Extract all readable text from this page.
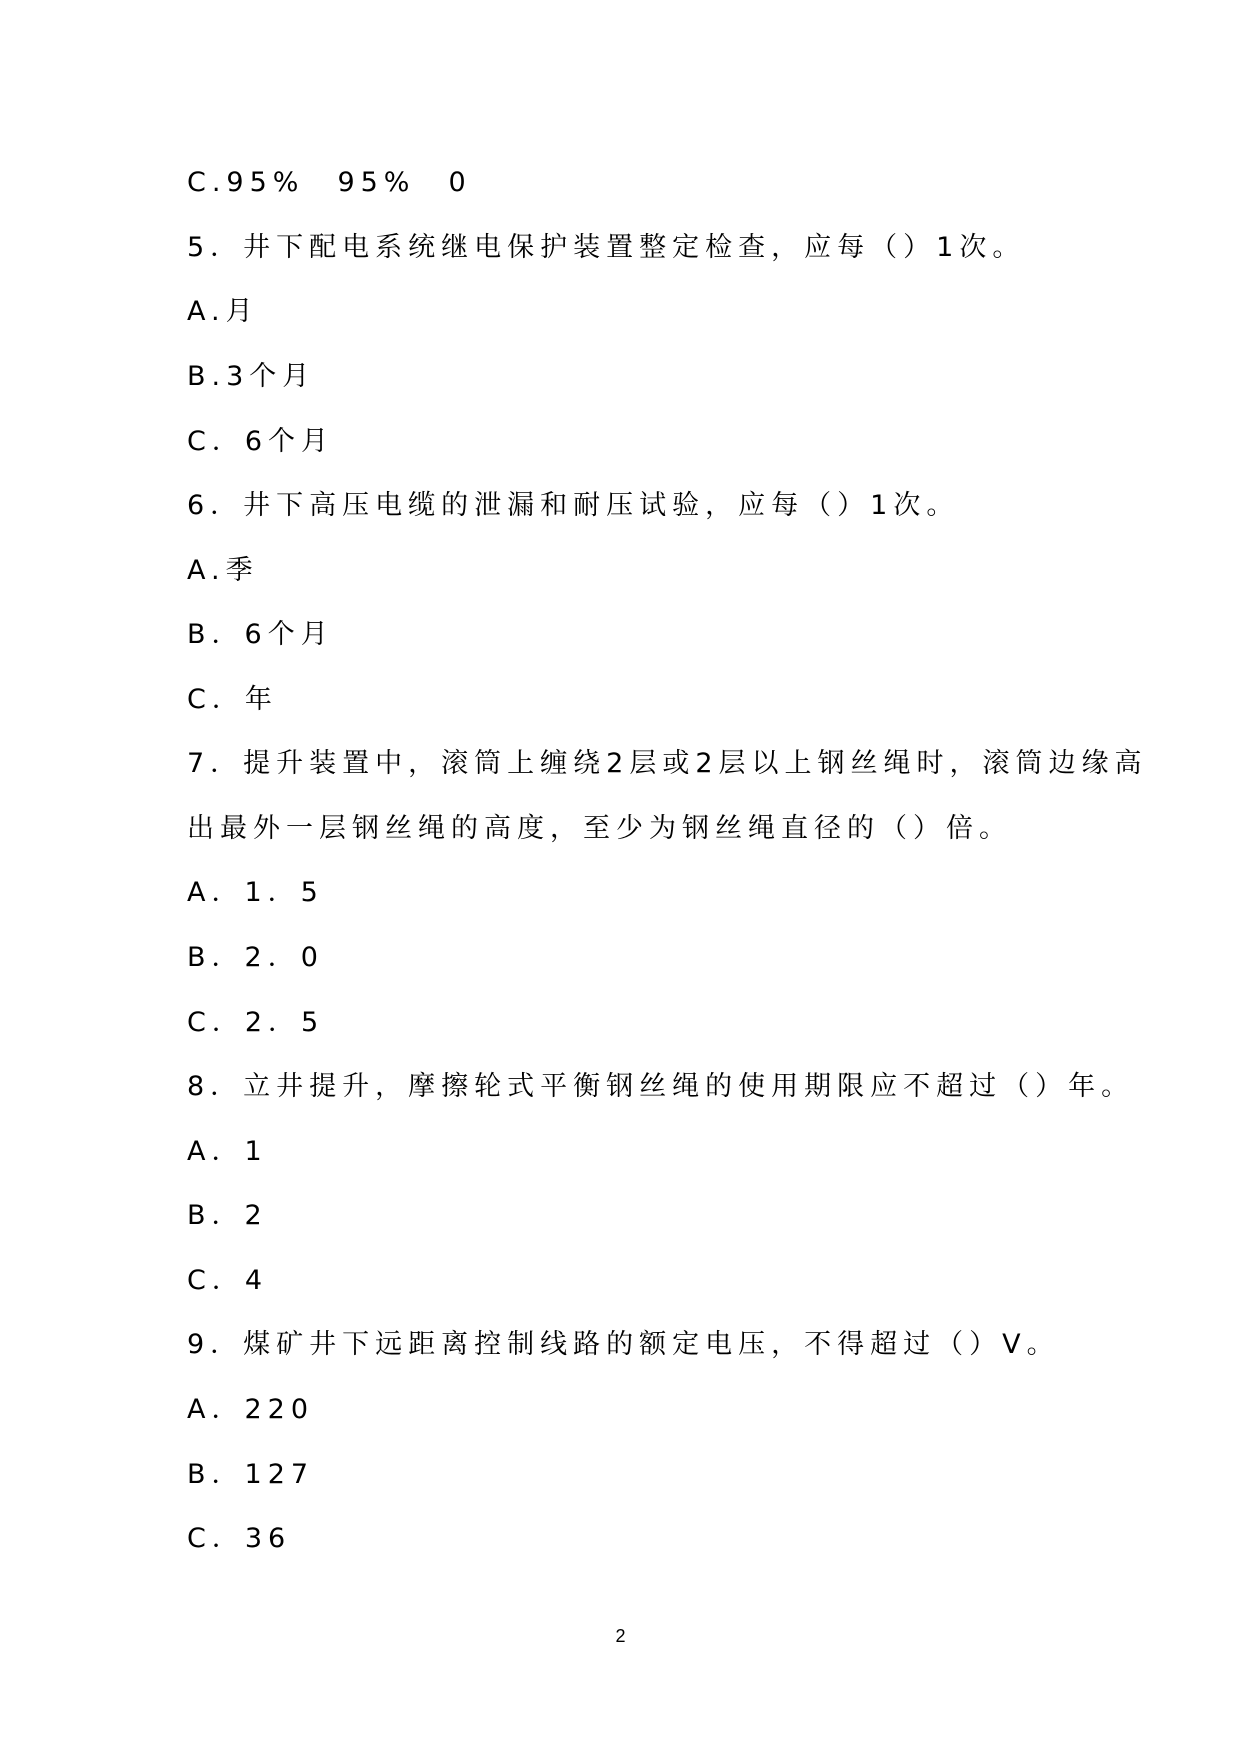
C.95%　95%　0
5．井下配电系统继电保护装置整定检查，应每（）1次。
A.月
B.3个月
C．6个月
6．井下高压电缆的泄漏和耐压试验，应每（）1次。
A.季
B．6个月
C．年
7．提升装置中，滚筒上缠绕2层或2层以上钢丝绳时，滚筒边缘高
出最外一层钢丝绳的高度，至少为钢丝绳直径的（）倍。
A．1．5
B．2．0
C．2．5
8．立井提升，摩擦轮式平衡钢丝绳的使用期限应不超过（）年。
A．1
B．2
C．4
9．煤矿井下远距离控制线路的额定电压，不得超过（）V。
A．220
B．127
C．36
2
